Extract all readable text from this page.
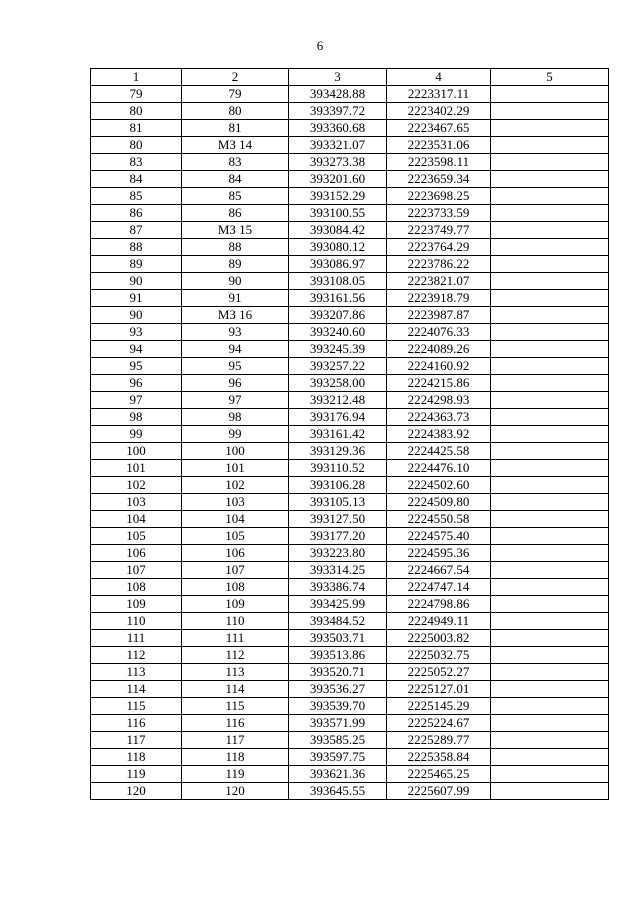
6
1	2	3	4	5
79	79	393428.88	2223317.11	
80	80	393397.72	2223402.29	
81	81	393360.68	2223467.65	
80	МЗ 14	393321.07	2223531.06	
83	83	393273.38	2223598.11	
84	84	393201.60	2223659.34	
85	85	393152.29	2223698.25	
86	86	393100.55	2223733.59	
87	МЗ 15	393084.42	2223749.77	
88	88	393080.12	2223764.29	
89	89	393086.97	2223786.22	
90	90	393108.05	2223821.07	
91	91	393161.56	2223918.79	
90	МЗ 16	393207.86	2223987.87	
93	93	393240.60	2224076.33	
94	94	393245.39	2224089.26	
95	95	393257.22	2224160.92	
96	96	393258.00	2224215.86	
97	97	393212.48	2224298.93	
98	98	393176.94	2224363.73	
99	99	393161.42	2224383.92	
100	100	393129.36	2224425.58	
101	101	393110.52	2224476.10	
102	102	393106.28	2224502.60	
103	103	393105.13	2224509.80	
104	104	393127.50	2224550.58	
105	105	393177.20	2224575.40	
106	106	393223.80	2224595.36	
107	107	393314.25	2224667.54	
108	108	393386.74	2224747.14	
109	109	393425.99	2224798.86	
110	110	393484.52	2224949.11	
111	111	393503.71	2225003.82	
112	112	393513.86	2225032.75	
113	113	393520.71	2225052.27	
114	114	393536.27	2225127.01	
115	115	393539.70	2225145.29	
116	116	393571.99	2225224.67	
117	117	393585.25	2225289.77	
118	118	393597.75	2225358.84	
119	119	393621.36	2225465.25	
120	120	393645.55	2225607.99	
